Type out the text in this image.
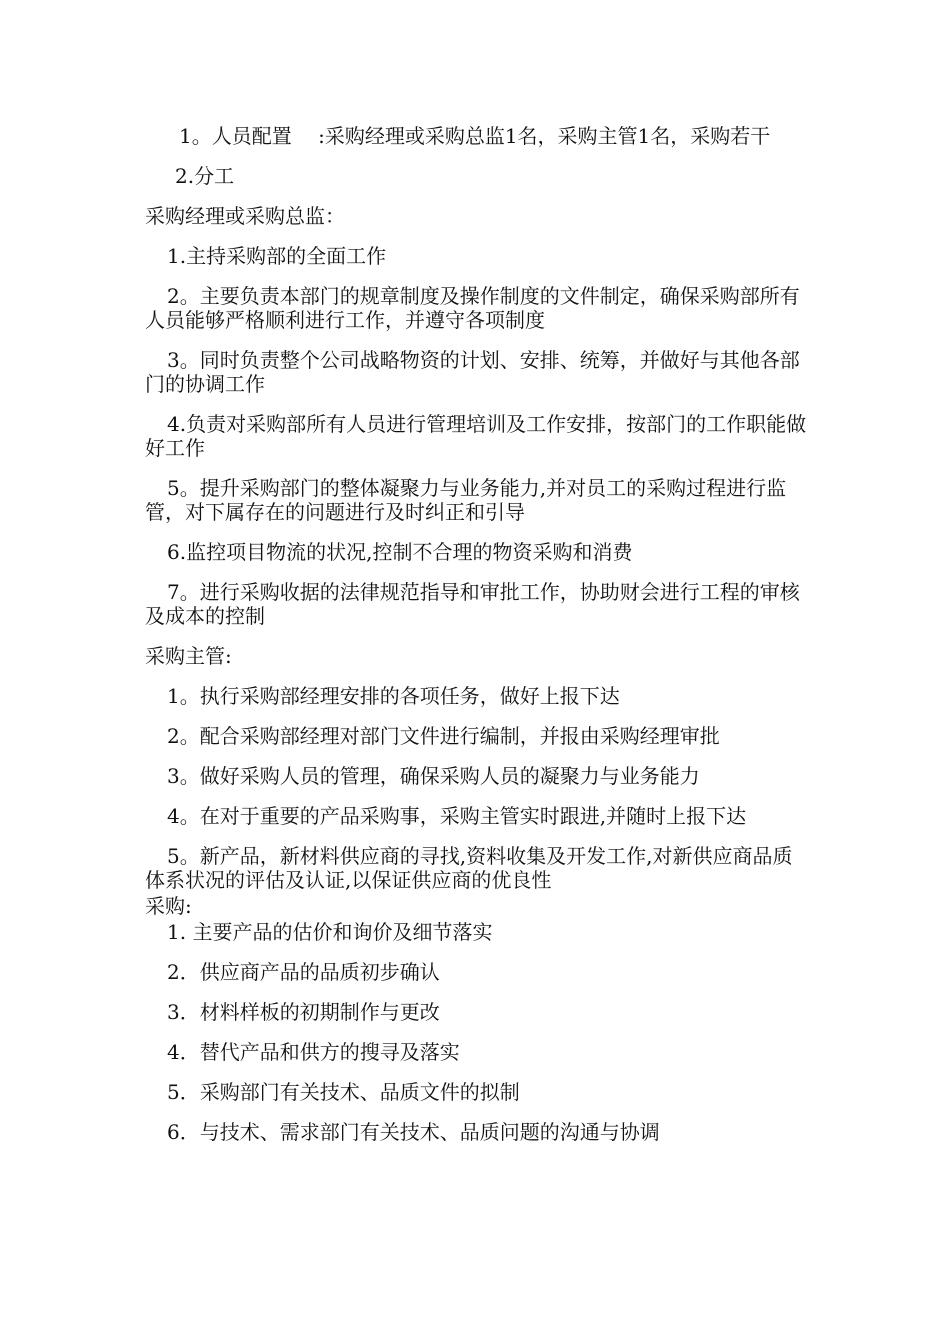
1。人员配置　 :采购经理或采购总监1名，采购主管1名，采购若干

2.分工

采购经理或采购总监：

1.主持采购部的全面工作

2。主要负责本部门的规章制度及操作制度的文件制定，确保采购部所有人员能够严格顺利进行工作，并遵守各项制度

3。同时负责整个公司战略物资的计划、安排、统筹，并做好与其他各部门的协调工作

4.负责对采购部所有人员进行管理培训及工作安排，按部门的工作职能做好工作

5。提升采购部门的整体凝聚力与业务能力,并对员工的采购过程进行监管，对下属存在的问题进行及时纠正和引导

6.监控项目物流的状况,控制不合理的物资采购和消费

7。进行采购收据的法律规范指导和审批工作，协助财会进行工程的审核及成本的控制

采购主管:

1。执行采购部经理安排的各项任务，做好上报下达

2。配合采购部经理对部门文件进行编制，并报由采购经理审批

3。做好采购人员的管理，确保采购人员的凝聚力与业务能力

4。在对于重要的产品采购事，采购主管实时跟进,并随时上报下达

5。新产品，新材料供应商的寻找,资料收集及开发工作,对新供应商品质体系状况的评估及认证,以保证供应商的优良性

采购:

1. 主要产品的估价和询价及细节落实

2．供应商产品的品质初步确认

3．材料样板的初期制作与更改

4．替代产品和供方的搜寻及落实

5．采购部门有关技术、品质文件的拟制

6．与技术、需求部门有关技术、品质问题的沟通与协调
